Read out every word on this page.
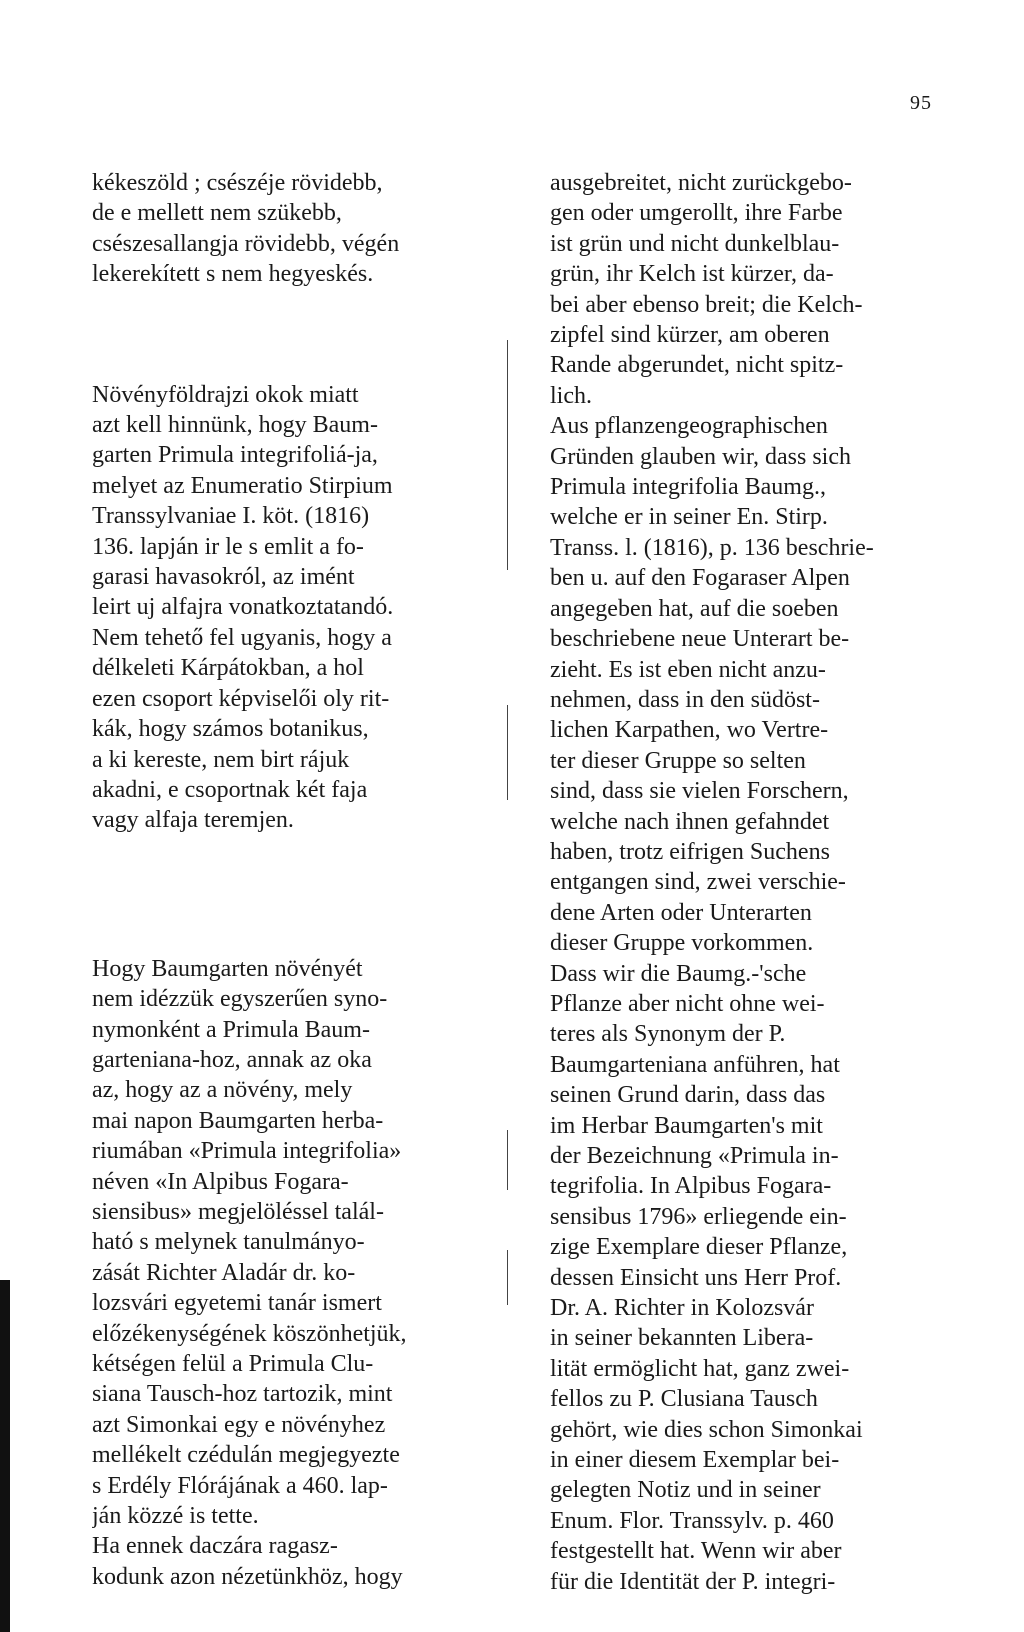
95
kékeszöld ; csészéje rövidebb,
de e mellett nem szükebb,
csészesallangja rövidebb, végén
lekerekített s nem hegyeskés.
Növényföldrajzi okok miatt
azt kell hinnünk, hogy Baum-
garten Primula integrifoliá-ja,
melyet az Enumeratio Stirpium
Transsylvaniae I. köt. (1816)
136. lapján ir le s emlit a fo-
garasi havasokról, az imént
leirt uj alfajra vonatkoztatandó.
Nem tehető fel ugyanis, hogy a
délkeleti Kárpátokban, a hol
ezen csoport képviselői oly rit-
kák, hogy számos botanikus,
a ki kereste, nem birt rájuk
akadni, e csoportnak két faja
vagy alfaja teremjen.
Hogy Baumgarten növényét
nem idézzük egyszerűen syno-
nymonként a Primula Baum-
garteniana-hoz, annak az oka
az, hogy az a növény, mely
mai napon Baumgarten herba-
riumában «Primula integrifolia»
néven «In Alpibus Fogara-
siensibus» megjelöléssel talál-
ható s melynek tanulmányo-
zását Richter Aladár dr. ko-
lozsvári egyetemi tanár ismert
előzékenységének köszönhetjük,
kétségen felül a Primula Clu-
siana Tausch-hoz tartozik, mint
azt Simonkai egy e növényhez
mellékelt czédulán megjegyezte
s Erdély Flórájának a 460. lap-
ján közzé is tette.
Ha ennek daczára ragasz-
kodunk azon nézetünkhöz, hogy
ausgebreitet, nicht zurückgebo-
gen oder umgerollt, ihre Farbe
ist grün und nicht dunkelblau-
grün, ihr Kelch ist kürzer, da-
bei aber ebenso breit; die Kelch-
zipfel sind kürzer, am oberen
Rande abgerundet, nicht spitz-
lich.
Aus pflanzengeographischen
Gründen glauben wir, dass sich
Primula integrifolia Baumg.,
welche er in seiner En. Stirp.
Transs. l. (1816), p. 136 beschrie-
ben u. auf den Fogaraser Alpen
angegeben hat, auf die soeben
beschriebene neue Unterart be-
zieht. Es ist eben nicht anzu-
nehmen, dass in den südöst-
lichen Karpathen, wo Vertre-
ter dieser Gruppe so selten
sind, dass sie vielen Forschern,
welche nach ihnen gefahndet
haben, trotz eifrigen Suchens
entgangen sind, zwei verschie-
dene Arten oder Unterarten
dieser Gruppe vorkommen.
Dass wir die Baumg.-'sche
Pflanze aber nicht ohne wei-
teres als Synonym der P.
Baumgarteniana anführen, hat
seinen Grund darin, dass das
im Herbar Baumgarten's mit
der Bezeichnung «Primula in-
tegrifolia. In Alpibus Fogara-
sensibus 1796» erliegende ein-
zige Exemplare dieser Pflanze,
dessen Einsicht uns Herr Prof.
Dr. A. Richter in Kolozsvár
in seiner bekannten Libera-
lität ermöglicht hat, ganz zwei-
fellos zu P. Clusiana Tausch
gehört, wie dies schon Simonkai
in einer diesem Exemplar bei-
gelegten Notiz und in seiner
Enum. Flor. Transsylv. p. 460
festgestellt hat. Wenn wir aber
für die Identität der P. integri-
